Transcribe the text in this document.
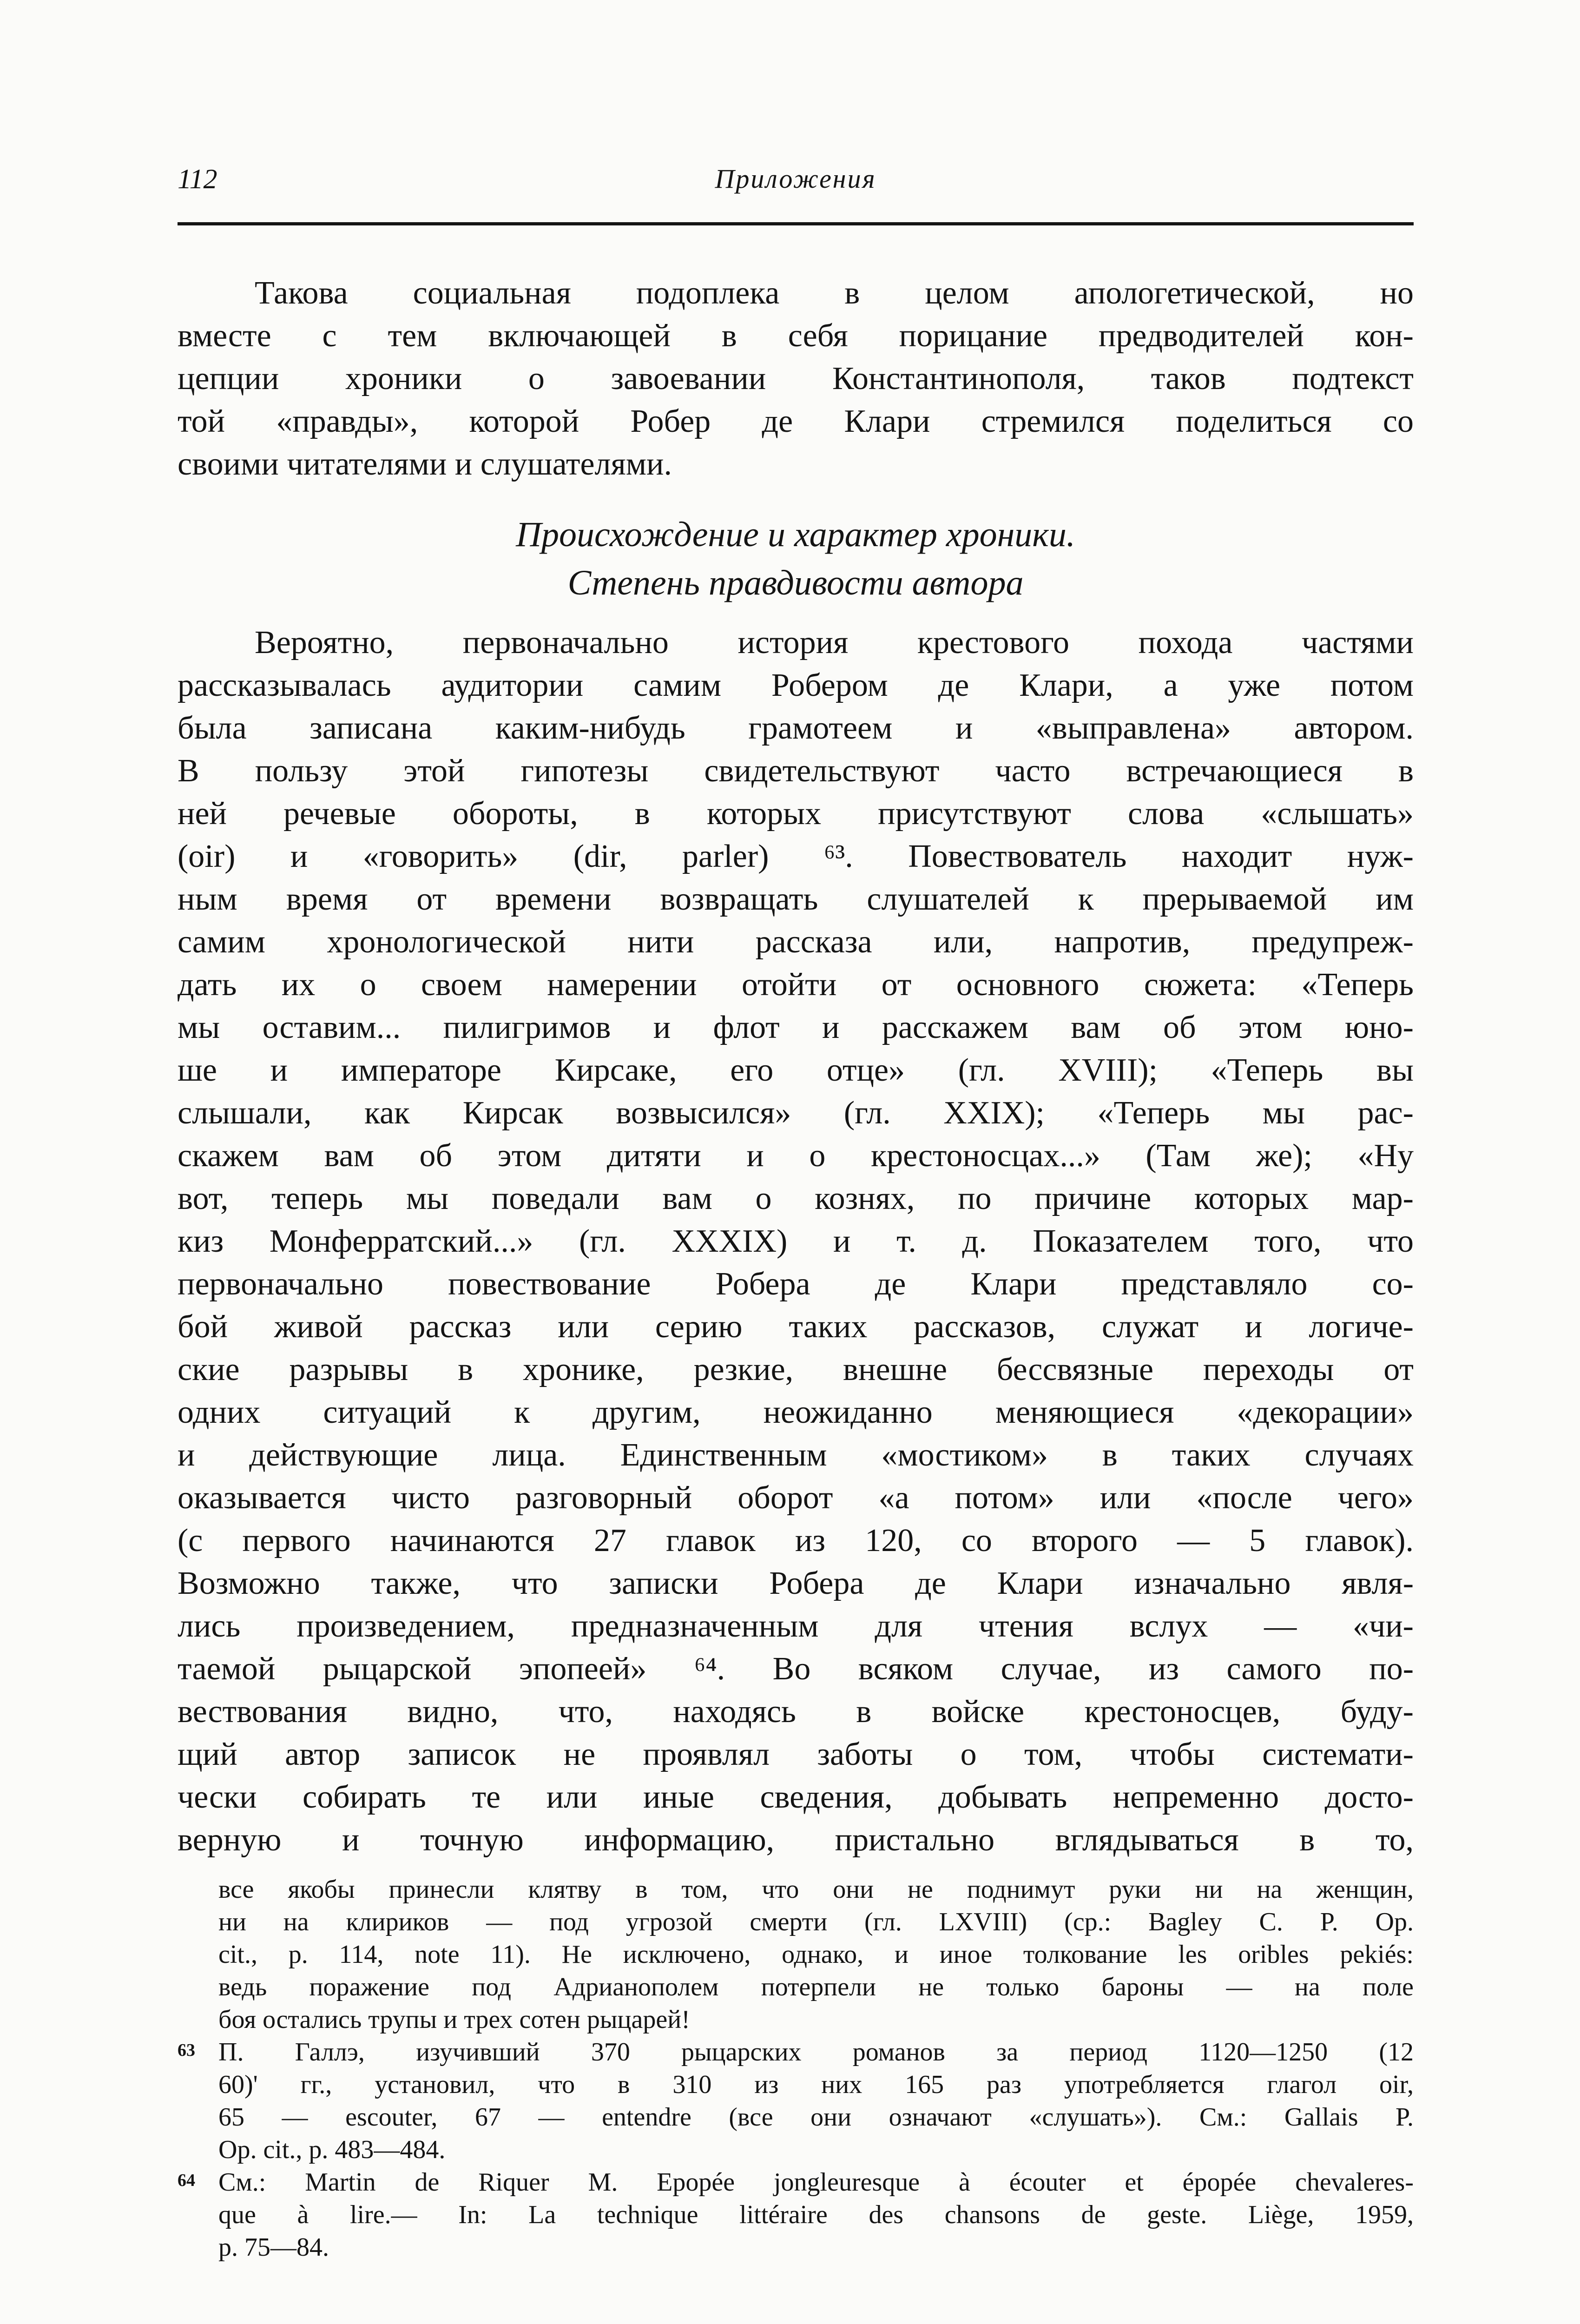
112	Приложения
Такова социальная подоплека в целом апологетической, но
вместе с тем включающей в себя порицание предводителей кон-
цепции хроники о завоевании Константинополя, таков подтекст
той «правды», которой Робер де Клари стремился поделиться со
своими читателями и слушателями.
Происхождение и характер хроники.
Степень правдивости автора
Вероятно, первоначально история крестового похода частями
рассказывалась аудитории самим Робером де Клари, а уже потом
была записана каким-нибудь грамотеем и «выправлена» автором.
В пользу этой гипотезы свидетельствуют часто встречающиеся в
ней речевые обороты, в которых присутствуют слова «слышать»
(oir) и «говорить» (dir, parler) ⁶³. Повествователь находит нуж-
ным время от времени возвращать слушателей к прерываемой им
самим хронологической нити рассказа или, напротив, предупреж-
дать их о своем намерении отойти от основного сюжета: «Теперь
мы оставим... пилигримов и флот и расскажем вам об этом юно-
ше и императоре Кирсаке, его отце» (гл. XVIII); «Теперь вы
слышали, как Кирсак возвысился» (гл. XXIX); «Теперь мы рас-
скажем вам об этом дитяти и о крестоносцах...» (Там же); «Ну
вот, теперь мы поведали вам о кознях, по причине которых мар-
киз Монферратский...» (гл. XXXIX) и т. д. Показателем того, что
первоначально повествование Робера де Клари представляло со-
бой живой рассказ или серию таких рассказов, служат и логиче-
ские разрывы в хронике, резкие, внешне бессвязные переходы от
одних ситуаций к другим, неожиданно меняющиеся «декорации»
и действующие лица. Единственным «мостиком» в таких случаях
оказывается чисто разговорный оборот «а потом» или «после чего»
(с первого начинаются 27 главок из 120, со второго — 5 главок).
Возможно также, что записки Робера де Клари изначально явля-
лись произведением, предназначенным для чтения вслух — «чи-
таемой рыцарской эпопеей» ⁶⁴. Во всяком случае, из самого по-
вествования видно, что, находясь в войске крестоносцев, буду-
щий автор записок не проявлял заботы о том, чтобы системати-
чески собирать те или иные сведения, добывать непременно досто-
верную и точную информацию, пристально вглядываться в то,
все якобы принесли клятву в том, что они не поднимут руки ни на женщин,
ни на клириков — под угрозой смерти (гл. LXVIII) (ср.: Bagley C. P. Op.
cit., p. 114, note 11). Не исключено, однако, и иное толкование les oribles pekiés:
ведь поражение под Адрианополем потерпели не только бароны — на поле
боя остались трупы и трех сотен рыцарей!
63 П. Галлэ, изучивший 370 рыцарских романов за период 1120—1250 (12
60)' гг., установил, что в 310 из них 165 раз употребляется глагол oir,
65 — escouter, 67 — entendre (все они означают «слушать»). См.: Gallais P.
Op. cit., p. 483—484.
64 См.: Martin de Riquer M. Epopée jongleuresque à écouter et épopée chevaleres-
que à lire.— In: La technique littéraire des chansons de geste. Liège, 1959,
p. 75—84.
